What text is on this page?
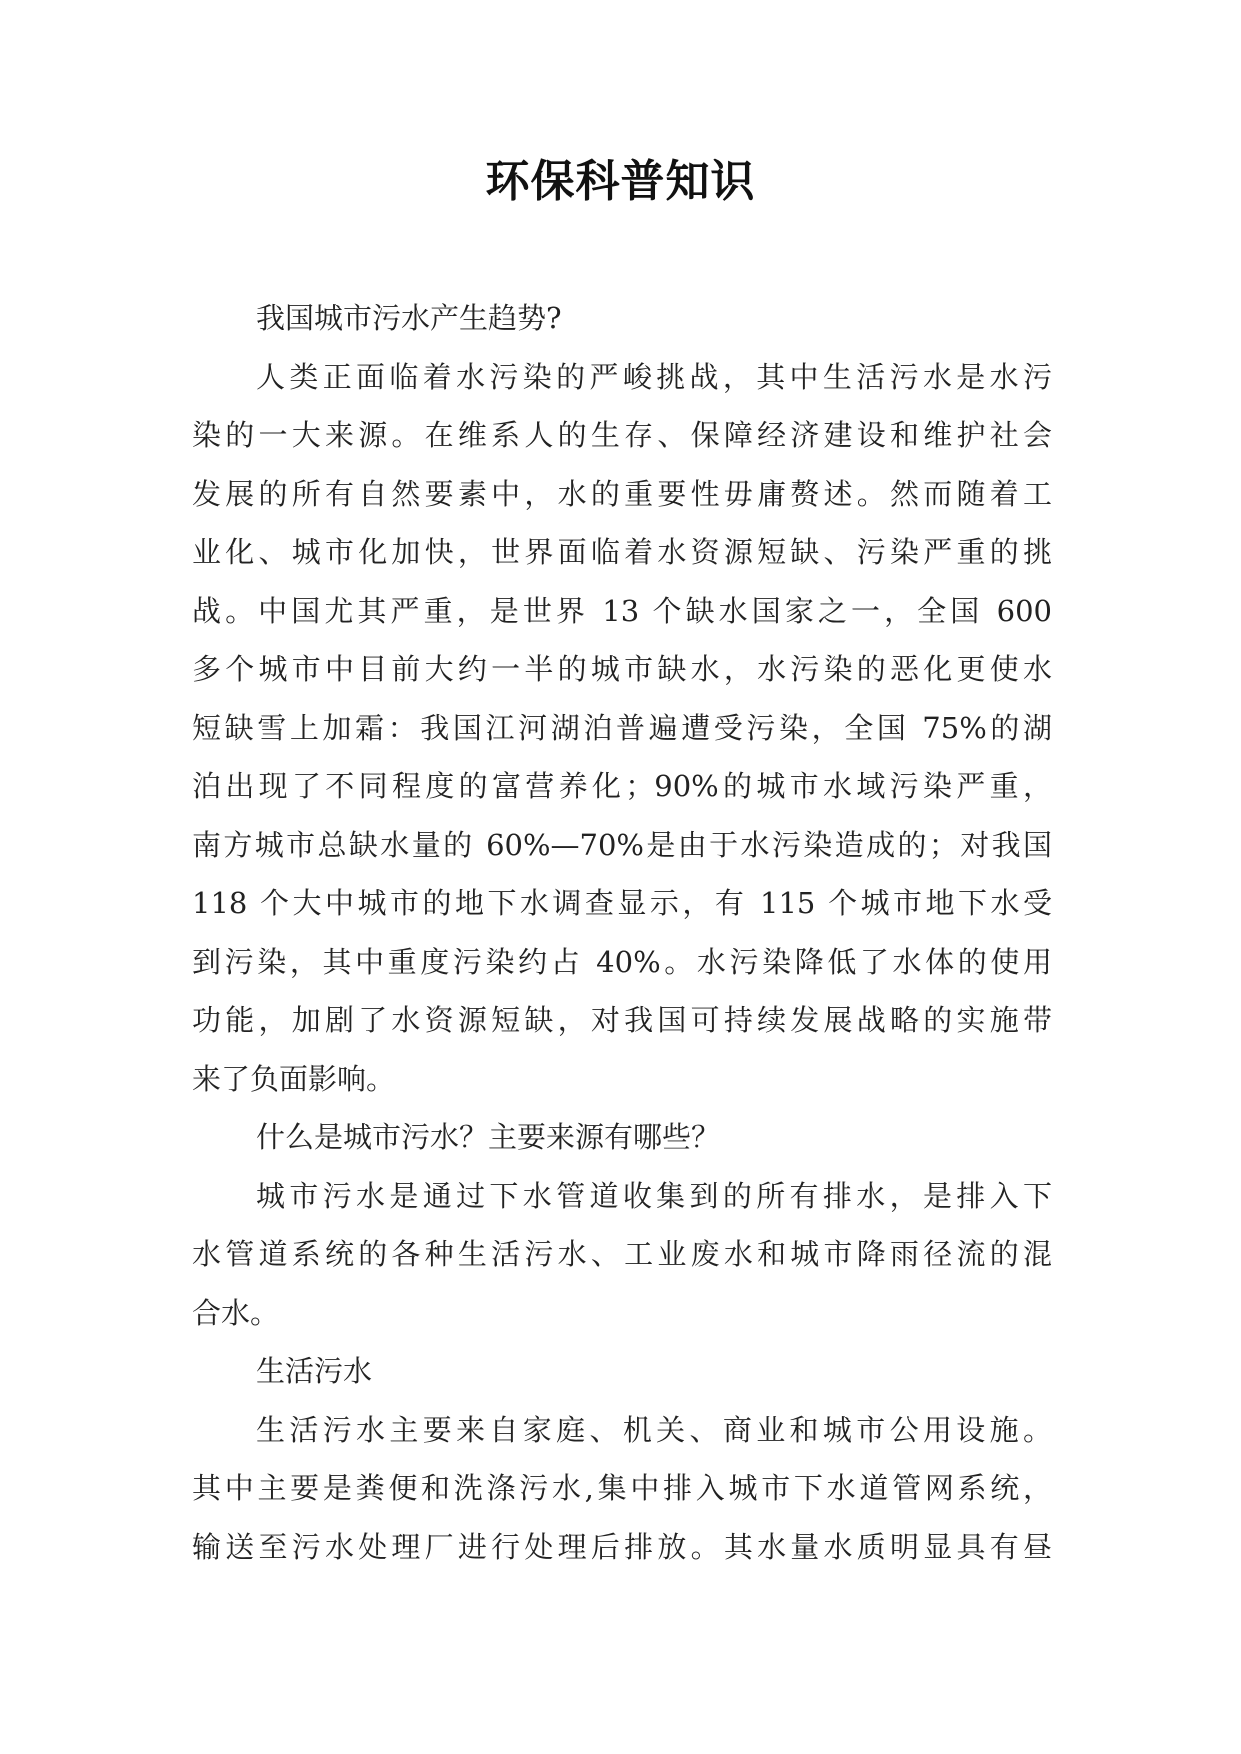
环保科普知识
我国城市污水产生趋势?
人类正面临着水污染的严峻挑战，其中生活污水是水污
染的一大来源。在维系人的生存、保障经济建设和维护社会
发展的所有自然要素中，水的重要性毋庸赘述。然而随着工
业化、城市化加快，世界面临着水资源短缺、污染严重的挑
战。中国尤其严重，是世界 13 个缺水国家之一，全国 600
多个城市中目前大约一半的城市缺水，水污染的恶化更使水
短缺雪上加霜：我国江河湖泊普遍遭受污染，全国 75%的湖
泊出现了不同程度的富营养化；90%的城市水域污染严重，
南方城市总缺水量的 60%—70%是由于水污染造成的；对我国
118 个大中城市的地下水调查显示，有 115 个城市地下水受
到污染，其中重度污染约占 40%。水污染降低了水体的使用
功能，加剧了水资源短缺，对我国可持续发展战略的实施带
来了负面影响。
什么是城市污水？主要来源有哪些？
城市污水是通过下水管道收集到的所有排水，是排入下
水管道系统的各种生活污水、工业废水和城市降雨径流的混
合水。
生活污水
生活污水主要来自家庭、机关、商业和城市公用设施。
其中主要是粪便和洗涤污水,集中排入城市下水道管网系统，
输送至污水处理厂进行处理后排放。其水量水质明显具有昼
